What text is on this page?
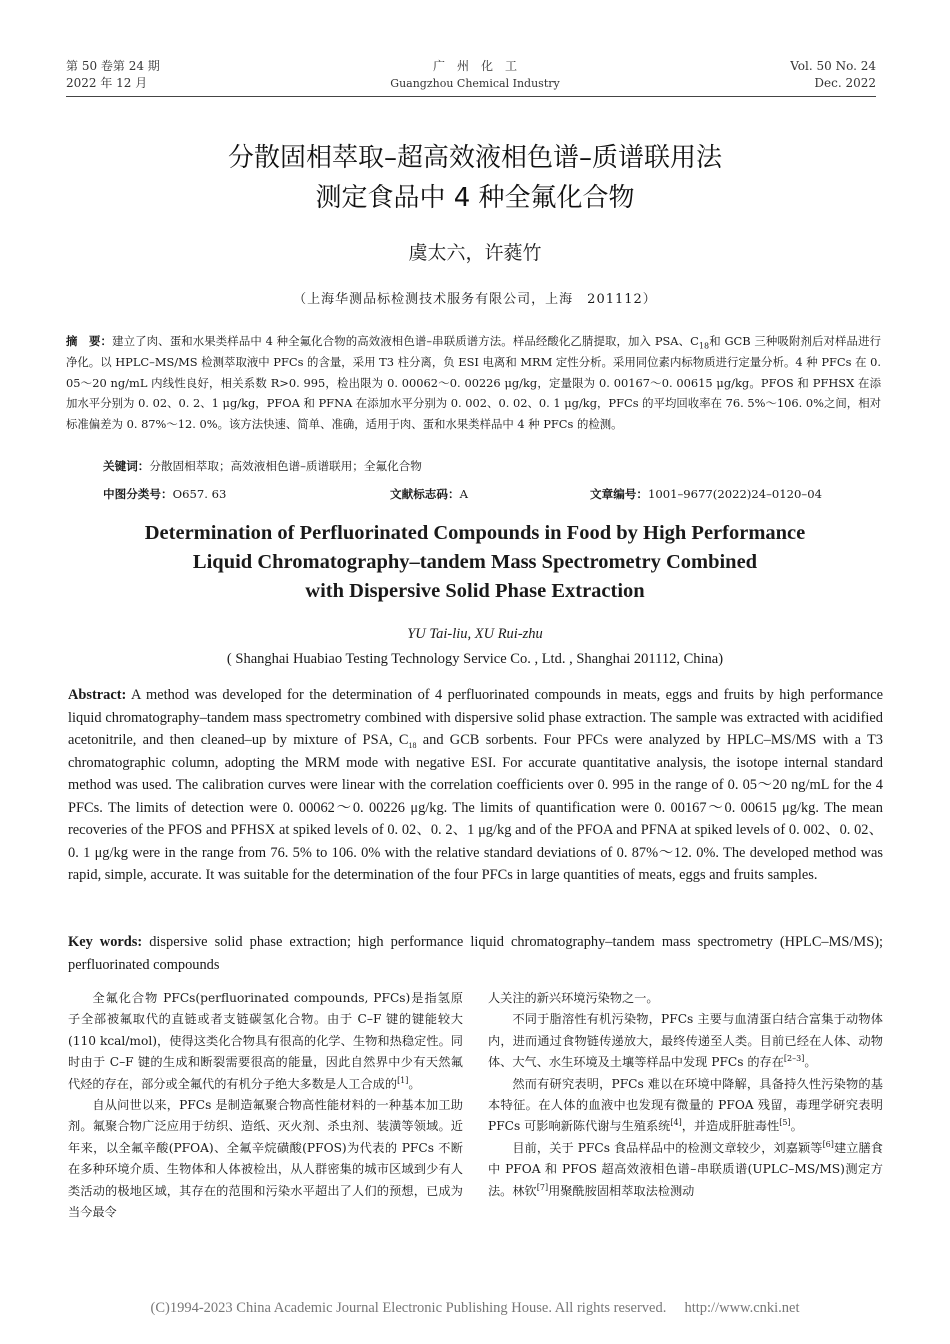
第 50 卷第 24 期
2022 年 12 月
广州化工
Guangzhou Chemical Industry
Vol. 50 No. 24
Dec. 2022
分散固相萃取–超高效液相色谱–质谱联用法
测定食品中 4 种全氟化合物
虞太六，许蕤竹
（上海华测品标检测技术服务有限公司，上海　201112）
摘　要：建立了肉、蛋和水果类样品中 4 种全氟化合物的高效液相色谱–串联质谱方法。样品经酸化乙腈提取，加入 PSA、$C_{18}$和 GCB 三种吸附剂后对样品进行净化。以 HPLC–MS/MS 检测萃取液中 PFCs 的含量，采用 T3 柱分离，负 ESI 电离和 MRM 定性分析。采用同位素内标物质进行定量分析。4 种 PFCs 在 0. 05～20 ng/mL 内线性良好，相关系数 R>0. 995，检出限为 0. 00062～0. 00226 μg/kg，定量限为 0. 00167～0. 00615 μg/kg。PFOS 和 PFHSX 在添加水平分别为 0. 02、0. 2、1 μg/kg，PFOA 和 PFNA 在添加水平分别为 0. 002、0. 02、0. 1 μg/kg，PFCs 的平均回收率在 76. 5%～106. 0%之间，相对标准偏差为 0. 87%～12. 0%。该方法快速、简单、准确，适用于肉、蛋和水果类样品中 4 种 PFCs 的检测。
关键词：分散固相萃取；高效液相色谱–质谱联用；全氟化合物
中图分类号：O657. 63	文献标志码：A	文章编号：1001–9677(2022)24–0120–04
Determination of Perfluorinated Compounds in Food by High Performance
Liquid Chromatography–tandem Mass Spectrometry Combined
with Dispersive Solid Phase Extraction
YU Tai-liu, XU Rui-zhu
( Shanghai Huabiao Testing Technology Service Co. , Ltd. , Shanghai 201112, China)
Abstract: A method was developed for the determination of 4 perfluorinated compounds in meats, eggs and fruits by high performance liquid chromatography–tandem mass spectrometry combined with dispersive solid phase extraction. The sample was extracted with acidified acetonitrile, and then cleaned–up by mixture of PSA, $C_{18}$ and GCB sorbents. Four PFCs were analyzed by HPLC–MS/MS with a T3 chromatographic column, adopting the MRM mode with negative ESI. For accurate quantitative analysis, the isotope internal standard method was used. The calibration curves were linear with the correlation coefficients over 0. 995 in the range of 0. 05～20 ng/mL for the 4 PFCs. The limits of detection were 0. 00062～0. 00226 μg/kg. The limits of quantification were 0. 00167～0. 00615 μg/kg. The mean recoveries of the PFOS and PFHSX at spiked levels of 0. 02、0. 2、1 μg/kg and of the PFOA and PFNA at spiked levels of 0. 002、0. 02、0. 1 μg/kg were in the range from 76. 5% to 106. 0% with the relative standard deviations of 0. 87%～12. 0%. The developed method was rapid, simple, accurate. It was suitable for the determination of the four PFCs in large quantities of meats, eggs and fruits samples.
Key words: dispersive solid phase extraction; high performance liquid chromatography–tandem mass spectrometry (HPLC–MS/MS); perfluorinated compounds

全氟化合物 PFCs(perfluorinated compounds, PFCs)是指氢原子全部被氟取代的直链或者支链碳氢化合物。由于 C–F 键的键能较大(110 kcal/mol)，使得这类化合物具有很高的化学、生物和热稳定性。同时由于 C–F 键的生成和断裂需要很高的能量，因此自然界中少有天然氟代烃的存在，部分或全氟代的有机分子绝大多数是人工合成的[1]。

自从问世以来，PFCs 是制造氟聚合物高性能材料的一种基本加工助剂。氟聚合物广泛应用于纺织、造纸、灭火剂、杀虫剂、装潢等领域。近年来，以全氟辛酸(PFOA)、全氟辛烷磺酸(PFOS)为代表的 PFCs 不断在多种环境介质、生物体和人体被检出，从人群密集的城市区域到少有人类活动的极地区域，其存在的范围和污染水平超出了人们的预想，已成为当今最令

人关注的新兴环境污染物之一。

不同于脂溶性有机污染物，PFCs 主要与血清蛋白结合富集于动物体内，进而通过食物链传递放大，最终传递至人类。目前已经在人体、动物体、大气、水生环境及土壤等样品中发现 PFCs 的存在[2–3]。

然而有研究表明，PFCs 难以在环境中降解，具备持久性污染物的基本特征。在人体的血液中也发现有微量的 PFOA 残留，毒理学研究表明 PFCs 可影响新陈代谢与生殖系统[4]，并造成肝脏毒性[5]。

目前，关于 PFCs 食品样品中的检测文章较少，刘嘉颖等[6]建立膳食中 PFOA 和 PFOS 超高效液相色谱–串联质谱(UPLC–MS/MS)测定方法。林钦[7]用聚酰胺固相萃取法检测动

(C)1994-2023 China Academic Journal Electronic Publishing House. All rights reserved.　 http://www.cnki.net
